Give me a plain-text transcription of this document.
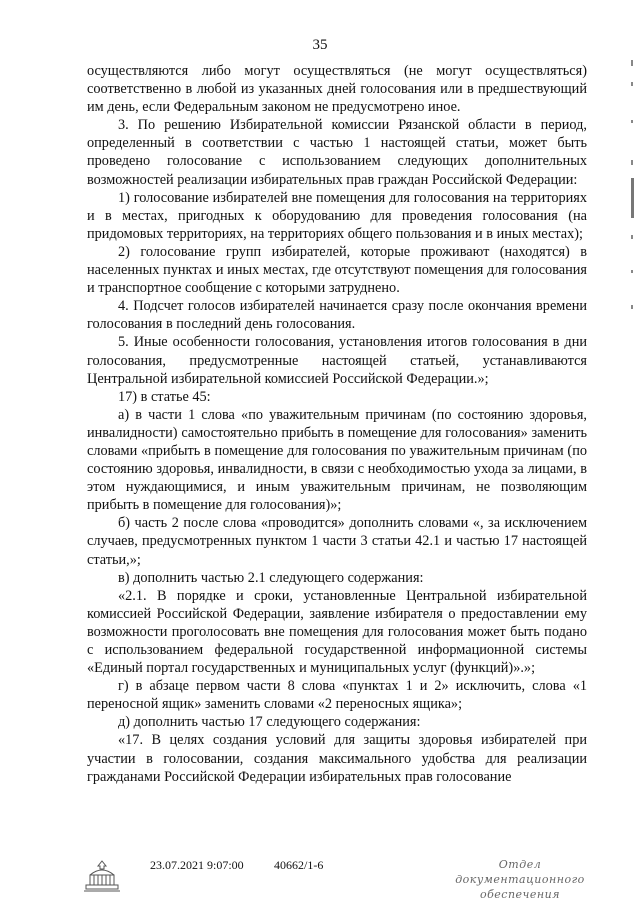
35

осуществляются либо могут осуществляться (не могут осуществляться) соответственно в любой из указанных дней голосования или в предшествующий им день, если Федеральным законом не предусмотрено иное.

3. По решению Избирательной комиссии Рязанской области в период, определенный в соответствии с частью 1 настоящей статьи, может быть проведено голосование с использованием следующих дополнительных возможностей реализации избирательных прав граждан Российской Федерации:

1) голосование избирателей вне помещения для голосования на территориях и в местах, пригодных к оборудованию для проведения голосования (на придомовых территориях, на территориях общего пользования и в иных местах);

2) голосование групп избирателей, которые проживают (находятся) в населенных пунктах и иных местах, где отсутствуют помещения для голосования и транспортное сообщение с которыми затруднено.

4. Подсчет голосов избирателей начинается сразу после окончания времени голосования в последний день голосования.

5. Иные особенности голосования, установления итогов голосования в дни голосования, предусмотренные настоящей статьей, устанавливаются Центральной избирательной комиссией Российской Федерации.»;

17) в статье 45:

а) в части 1 слова «по уважительным причинам (по состоянию здоровья, инвалидности) самостоятельно прибыть в помещение для голосования» заменить словами «прибыть в помещение для голосования по уважительным причинам (по состоянию здоровья, инвалидности, в связи с необходимостью ухода за лицами, в этом нуждающимися, и иным уважительным причинам, не позволяющим прибыть в помещение для голосования)»;

б) часть 2 после слова «проводится» дополнить словами «, за исключением случаев, предусмотренных пунктом 1 части 3 статьи 42.1 и частью 17 настоящей статьи,»;

в) дополнить частью 2.1 следующего содержания:

«2.1. В порядке и сроки, установленные Центральной избирательной комиссией Российской Федерации, заявление избирателя о предоставлении ему возможности проголосовать вне помещения для голосования может быть подано с использованием федеральной государственной информационной системы «Единый портал государственных и муниципальных услуг (функций)».»;

г) в абзаце первом части 8 слова «пунктах 1 и 2» исключить, слова «1 переносной ящик» заменить словами «2 переносных ящика»;

д) дополнить частью 17 следующего содержания:

«17. В целях создания условий для защиты здоровья избирателей при участии в голосовании, создания максимального удобства для реализации гражданами Российской Федерации избирательных прав голосование

23.07.2021 9:07:00	40662/1-6	Отдел документационного
обеспечения
